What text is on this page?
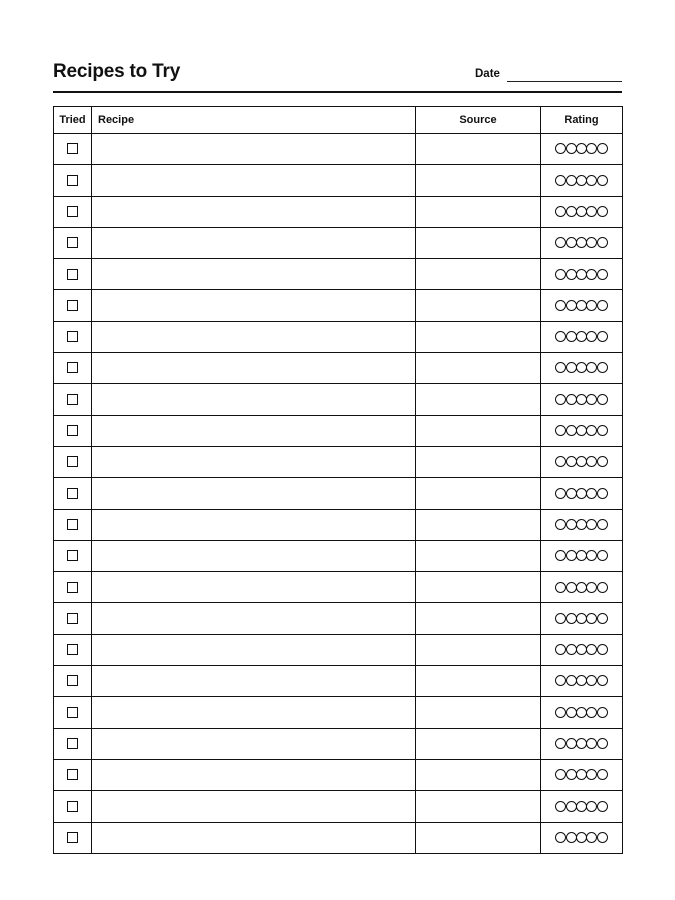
Recipes to Try	Date
Tried	Recipe	Source	Rating
